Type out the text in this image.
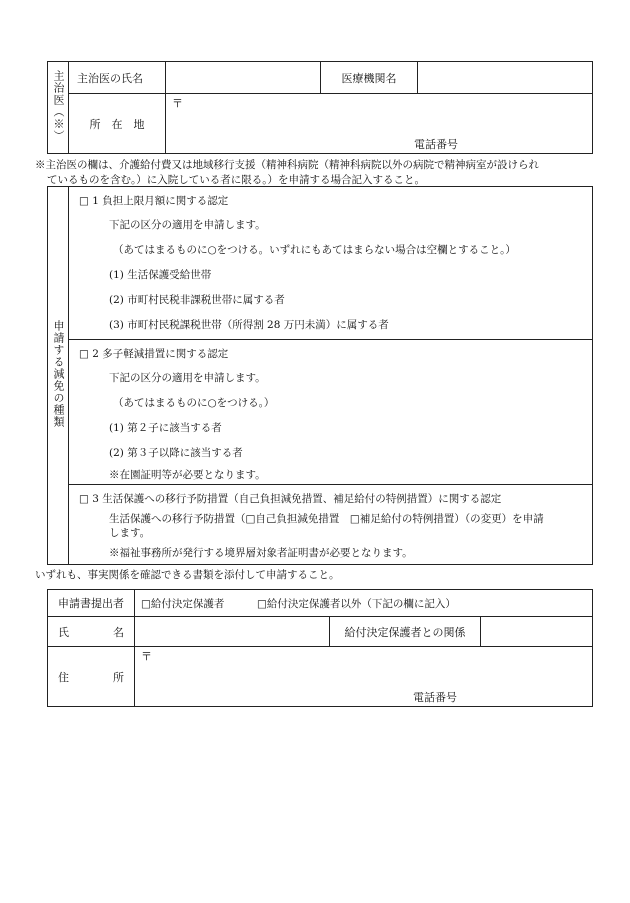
主治医（※）	主治医の氏名		医療機関名	
	所　在　地	〒
電話番号		
※主治医の欄は、介護給付費又は地域移行支援（精神科病院（精神科病院以外の病院で精神病室が設けられ
ているものを含む。）に入院している者に限る。）を申請する場合記入すること。
申請する減免の種類	
□ 1 負担上限月額に関する認定
下記の区分の適用を申請します。
（あてはまるものに○をつける。いずれにもあてはまらない場合は空欄とすること。）
(1) 生活保護受給世帯
(2) 市町村民税非課税世帯に属する者
(3) 市町村民税課税世帯（所得割 28 万円未満）に属する者

□ 2 多子軽減措置に関する認定
下記の区分の適用を申請します。
（あてはまるものに○をつける。）
(1) 第２子に該当する者
(2) 第３子以降に該当する者
※在園証明等が必要となります。

□ 3 生活保護への移行予防措置（自己負担減免措置、補足給付の特例措置）に関する認定
生活保護への移行予防措置（□自己負担減免措置　□補足給付の特例措置）（の変更）を申請
します。
※福祉事務所が発行する境界層対象者証明書が必要となります。
いずれも、事実関係を確認できる書類を添付して申請すること。
申請書提出者	□給付決定保護者 □給付決定保護者以外（下記の欄に記入）		

氏　　　　名		給付決定保護者との関係	
住　　　　所	〒
電話番号		
